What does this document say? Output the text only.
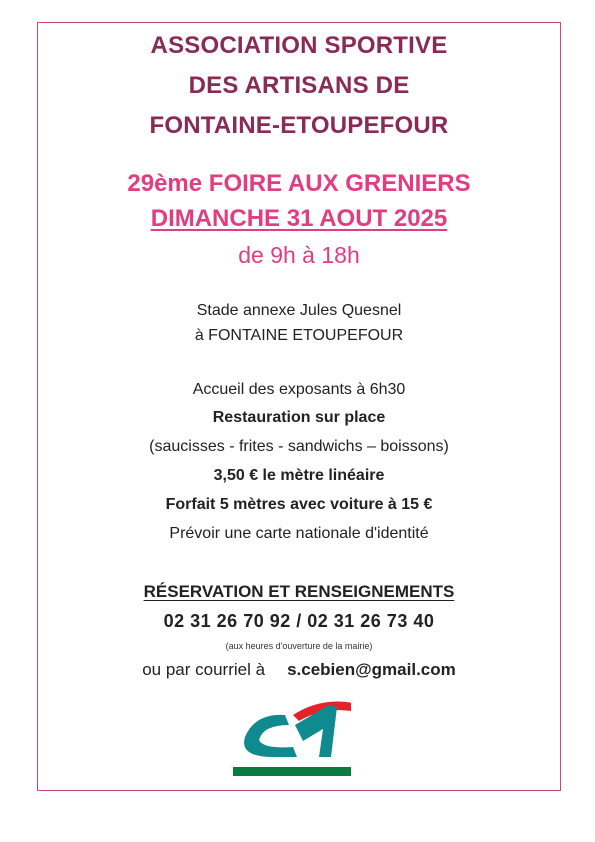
ASSOCIATION SPORTIVE
DES ARTISANS DE
FONTAINE-ETOUPEFOUR
29ème FOIRE AUX GRENIERS
DIMANCHE 31 AOUT 2025
de 9h à 18h
Stade annexe Jules Quesnel
à FONTAINE ETOUPEFOUR
Accueil des exposants à 6h30
Restauration sur place
(saucisses - frites - sandwichs – boissons)
3,50 € le mètre linéaire
Forfait 5 mètres avec voiture à 15 €
Prévoir une carte nationale d'identité
RÉSERVATION ET RENSEIGNEMENTS
02 31 26 70 92 / 02 31 26 73 40
(aux heures d'ouverture de la mairie)
ou par courriel à s.cebien@gmail.com
